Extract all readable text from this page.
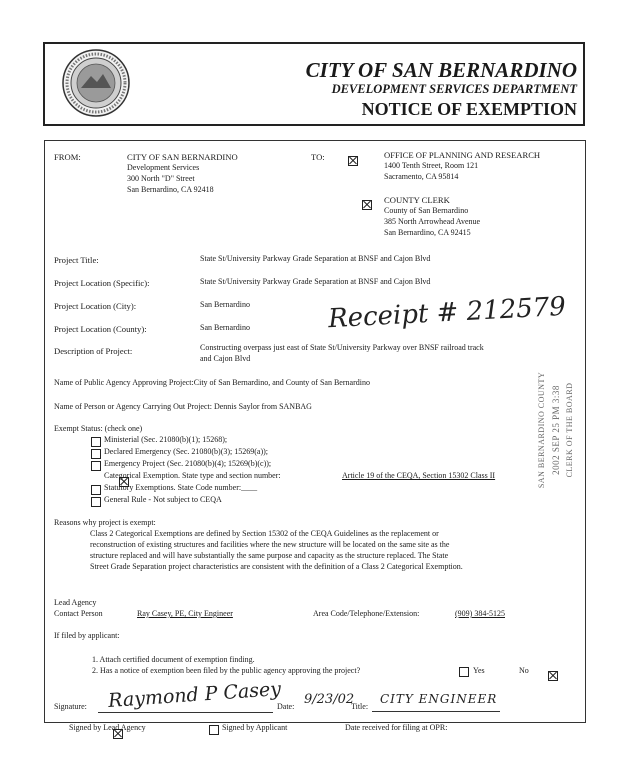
CITY OF SAN BERNARDINO
DEVELOPMENT SERVICES DEPARTMENT
NOTICE OF EXEMPTION
FROM:	CITY OF SAN BERNARDINO
Development Services
300 North "D" Street
San Bernardino, CA 92418
TO:
	OFFICE OF PLANNING AND RESEARCH
1400 Tenth Street, Room 121
Sacramento, CA 95814

COUNTY CLERK
County of San Bernardino
385 North Arrowhead Avenue
San Bernardino, CA 92415
Project Title:	State St/University Parkway Grade Separation at BNSF and Cajon Blvd
Project Location (Specific):	State St/University Parkway Grade Separation at BNSF and Cajon Blvd
Project Location (City):	San Bernardino
Project Location (County):	San Bernardino	Receipt # 212579
Description of Project:	Constructing overpass just east of State St/University Parkway over BNSF railroad track
and Cajon Blvd
Name of Public Agency Approving Project:City of San Bernardino, and County of San Bernardino
Name of Person or Agency Carrying Out Project: Dennis Saylor from SANBAG	SAN BERNARDINO COUNTY 2002 SEP 25 PM 3:38 CLERK OF THE BOARD
Exempt Status: (check one)
Ministerial (Sec. 21080(b)(1); 15268);
Declared Emergency (Sec. 21080(b)(3); 15269(a));
Emergency Project (Sec. 21080(b)(4); 15269(b)(c));

Categorical Exemption. State type and section number:	Article 19 of the CEQA, Section 15302 Class II
Statutory Exemptions. State Code number:____
General Rule - Not subject to CEQA
Reasons why project is exempt:
Class 2 Categorical Exemptions are defined by Section 15302 of the CEQA Guidelines as the replacement or
reconstruction of existing structures and facilities where the new structure will be located on the same site as the
structure replaced and will have substantially the same purpose and capacity as the structure replaced. The State
Street Grade Separation project characteristics are consistent with the definition of a Class 2 Categorical Exemption.
Lead Agency
Contact Person	Ray Casey, PE, City Engineer	Area Code/Telephone/Extension:	(909) 384-5125
If filed by applicant:
1. Attach certified document of exemption finding.
2. Has a notice of exemption been filed by the public agency approving the project?	Yes
	No
Signature: Raymond P Casey
Date: 9/23/02
Title:
CITY ENGINEER
Signed by Lead Agency	Signed by Applicant	Date received for filing at OPR:
